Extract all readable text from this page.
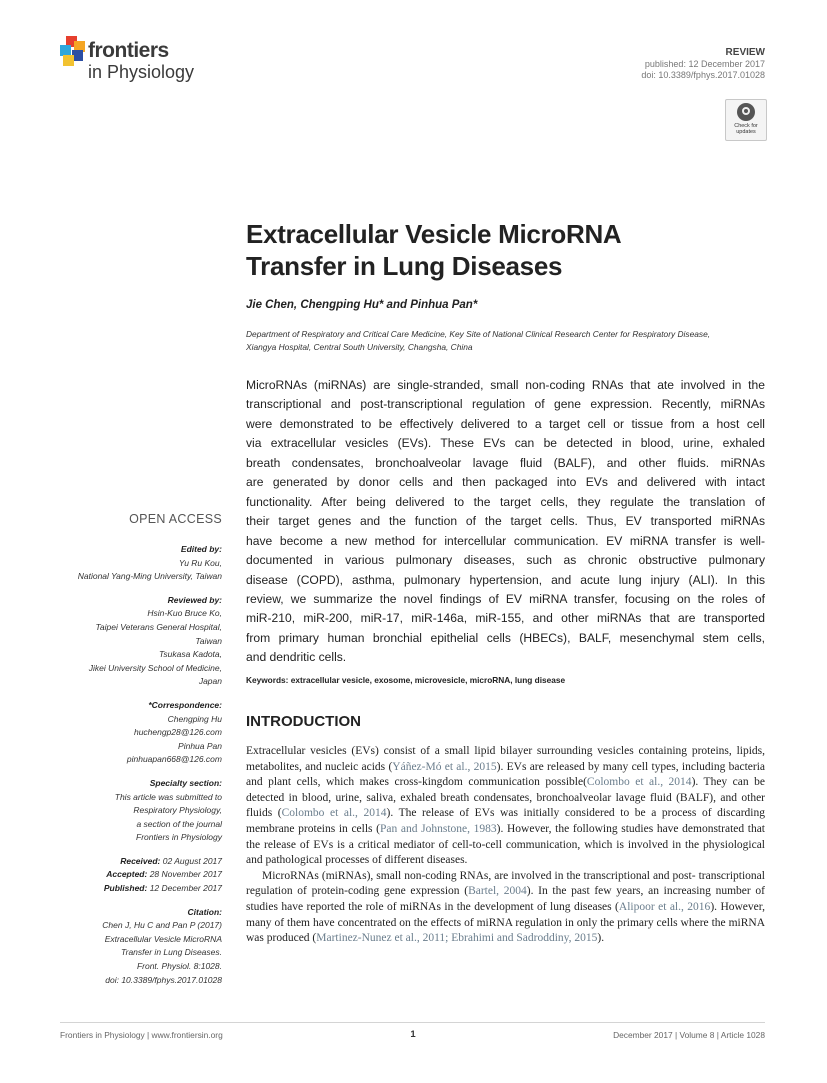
frontiers
in Physiology
REVIEW
published: 12 December 2017
doi: 10.3389/fphys.2017.01028
Check for updates
Extracellular Vesicle MicroRNA
Transfer in Lung Diseases
Jie Chen, Chengping Hu* and Pinhua Pan*
Department of Respiratory and Critical Care Medicine, Key Site of National Clinical Research Center for Respiratory Disease,
Xiangya Hospital, Central South University, Changsha, China
MicroRNAs (miRNAs) are single-stranded, small non-coding RNAs that ate involved in the
transcriptional and post-transcriptional regulation of gene expression. Recently, miRNAs
were demonstrated to be effectively delivered to a target cell or tissue from a host cell
via extracellular vesicles (EVs). These EVs can be detected in blood, urine, exhaled
breath condensates, bronchoalveolar lavage fluid (BALF), and other fluids. miRNAs
are generated by donor cells and then packaged into EVs and delivered with intact
functionality. After being delivered to the target cells, they regulate the translation of
their target genes and the function of the target cells. Thus, EV transported miRNAs
have become a new method for intercellular communication. EV miRNA transfer is well-
documented in various pulmonary diseases, such as chronic obstructive pulmonary
disease (COPD), asthma, pulmonary hypertension, and acute lung injury (ALI). In this
review, we summarize the novel findings of EV miRNA transfer, focusing on the roles of
miR-210, miR-200, miR-17, miR-146a, miR-155, and other miRNAs that are transported
from primary human bronchial epithelial cells (HBECs), BALF, mesenchymal stem cells,
and dendritic cells.
Keywords: extracellular vesicle, exosome, microvesicle, microRNA, lung disease
OPEN ACCESS
Edited by:
Yu Ru Kou,
National Yang-Ming University, Taiwan
Reviewed by:
Hsin-Kuo Bruce Ko,
Taipei Veterans General Hospital,
Taiwan
Tsukasa Kadota,
Jikei University School of Medicine,
Japan
*Correspondence:
Chengping Hu
huchengp28@126.com
Pinhua Pan
pinhuapan668@126.com
Specialty section:
This article was submitted to
Respiratory Physiology,
a section of the journal
Frontiers in Physiology
Received: 02 August 2017
Accepted: 28 November 2017
Published: 12 December 2017
Citation:
Chen J, Hu C and Pan P (2017)
Extracellular Vesicle MicroRNA
Transfer in Lung Diseases.
Front. Physiol. 8:1028.
doi: 10.3389/fphys.2017.01028
INTRODUCTION

Extracellular vesicles (EVs) consist of a small lipid bilayer surrounding vesicles containing proteins, lipids, metabolites, and nucleic acids (Yáñez-Mó et al., 2015). EVs are released by many cell types, including bacteria and plant cells, which makes cross-kingdom communication possible(Colombo et al., 2014). They can be detected in blood, urine, saliva, exhaled breath condensates, bronchoalveolar lavage fluid (BALF), and other fluids (Colombo et al., 2014). The release of EVs was initially considered to be a process of discarding membrane proteins in cells (Pan and Johnstone, 1983). However, the following studies have demonstrated that the release of EVs is a critical mediator of cell-to-cell communication, which is involved in the physiological and pathological processes of different diseases.

MicroRNAs (miRNAs), small non-coding RNAs, are involved in the transcriptional and post- transcriptional regulation of protein-coding gene expression (Bartel, 2004). In the past few years, an increasing number of studies have reported the role of miRNAs in the development of lung diseases (Alipoor et al., 2016). However, many of them have concentrated on the effects of miRNA regulation in only the primary cells where the miRNA was produced (Martinez-Nunez et al., 2011; Ebrahimi and Sadroddiny, 2015).

Frontiers in Physiology | www.frontiersin.org	1	December 2017 | Volume 8 | Article 1028
